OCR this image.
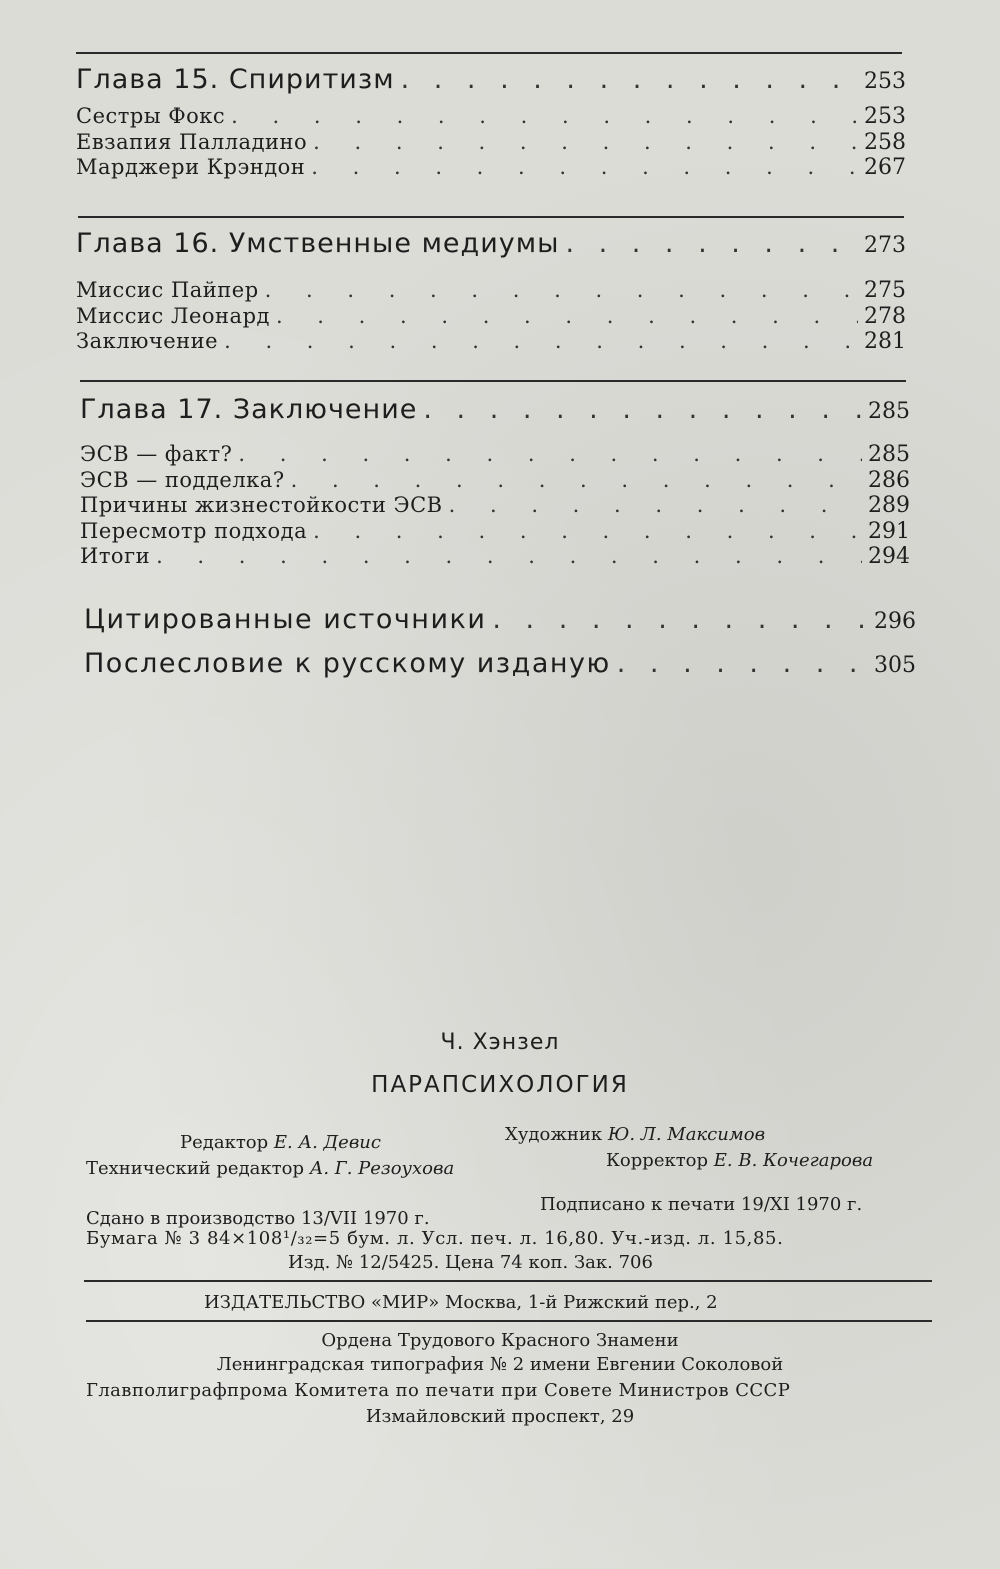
Глава 15. Спиритизм . . .	253
Сестры Фокс . . .	253
Евзапия Палладино . . .	258
Марджери Крэндон . . .	267
Глава 16. Умственные медиумы . . .	273
Миссис Пайпер . . .	275
Миссис Леонард . . .	278
Заключение . . .	281
Глава 17. Заключение . . .	285
ЭСВ — факт? . . .	285
ЭСВ — подделка? . . .	286
Причины жизнестойкости ЭСВ . . .	289
Пересмотр подхода . . .	291
Итоги . . .	294
Цитированные источники . . .	296
Послесловие к русскому изданую . . .	305
Ч. Хэнзел
ПАРАПСИХОЛОГИЯ
Редактор Е. А. Девис	Художник Ю. Л. Максимов
Технический редактор А. Г. Резоухова	Корректор Е. В. Кочегарова
Сдано в производство 13/VII 1970 г.
Подписано к печати 19/XI 1970 г.
Бумага № 3 84×108¹/₃₂=5 бум. л. Усл. печ. л. 16,80. Уч.-изд. л. 15,85.
Изд. № 12/5425. Цена 74 коп. Зак. 706
ИЗДАТЕЛЬСТВО «МИР» Москва, 1-й Рижский пер., 2
Ордена Трудового Красного Знамени
Ленинградская типография № 2 имени Евгении Соколовой
Главполиграфпрома Комитета по печати при Совете Министров СССР
Измайловский проспект, 29
